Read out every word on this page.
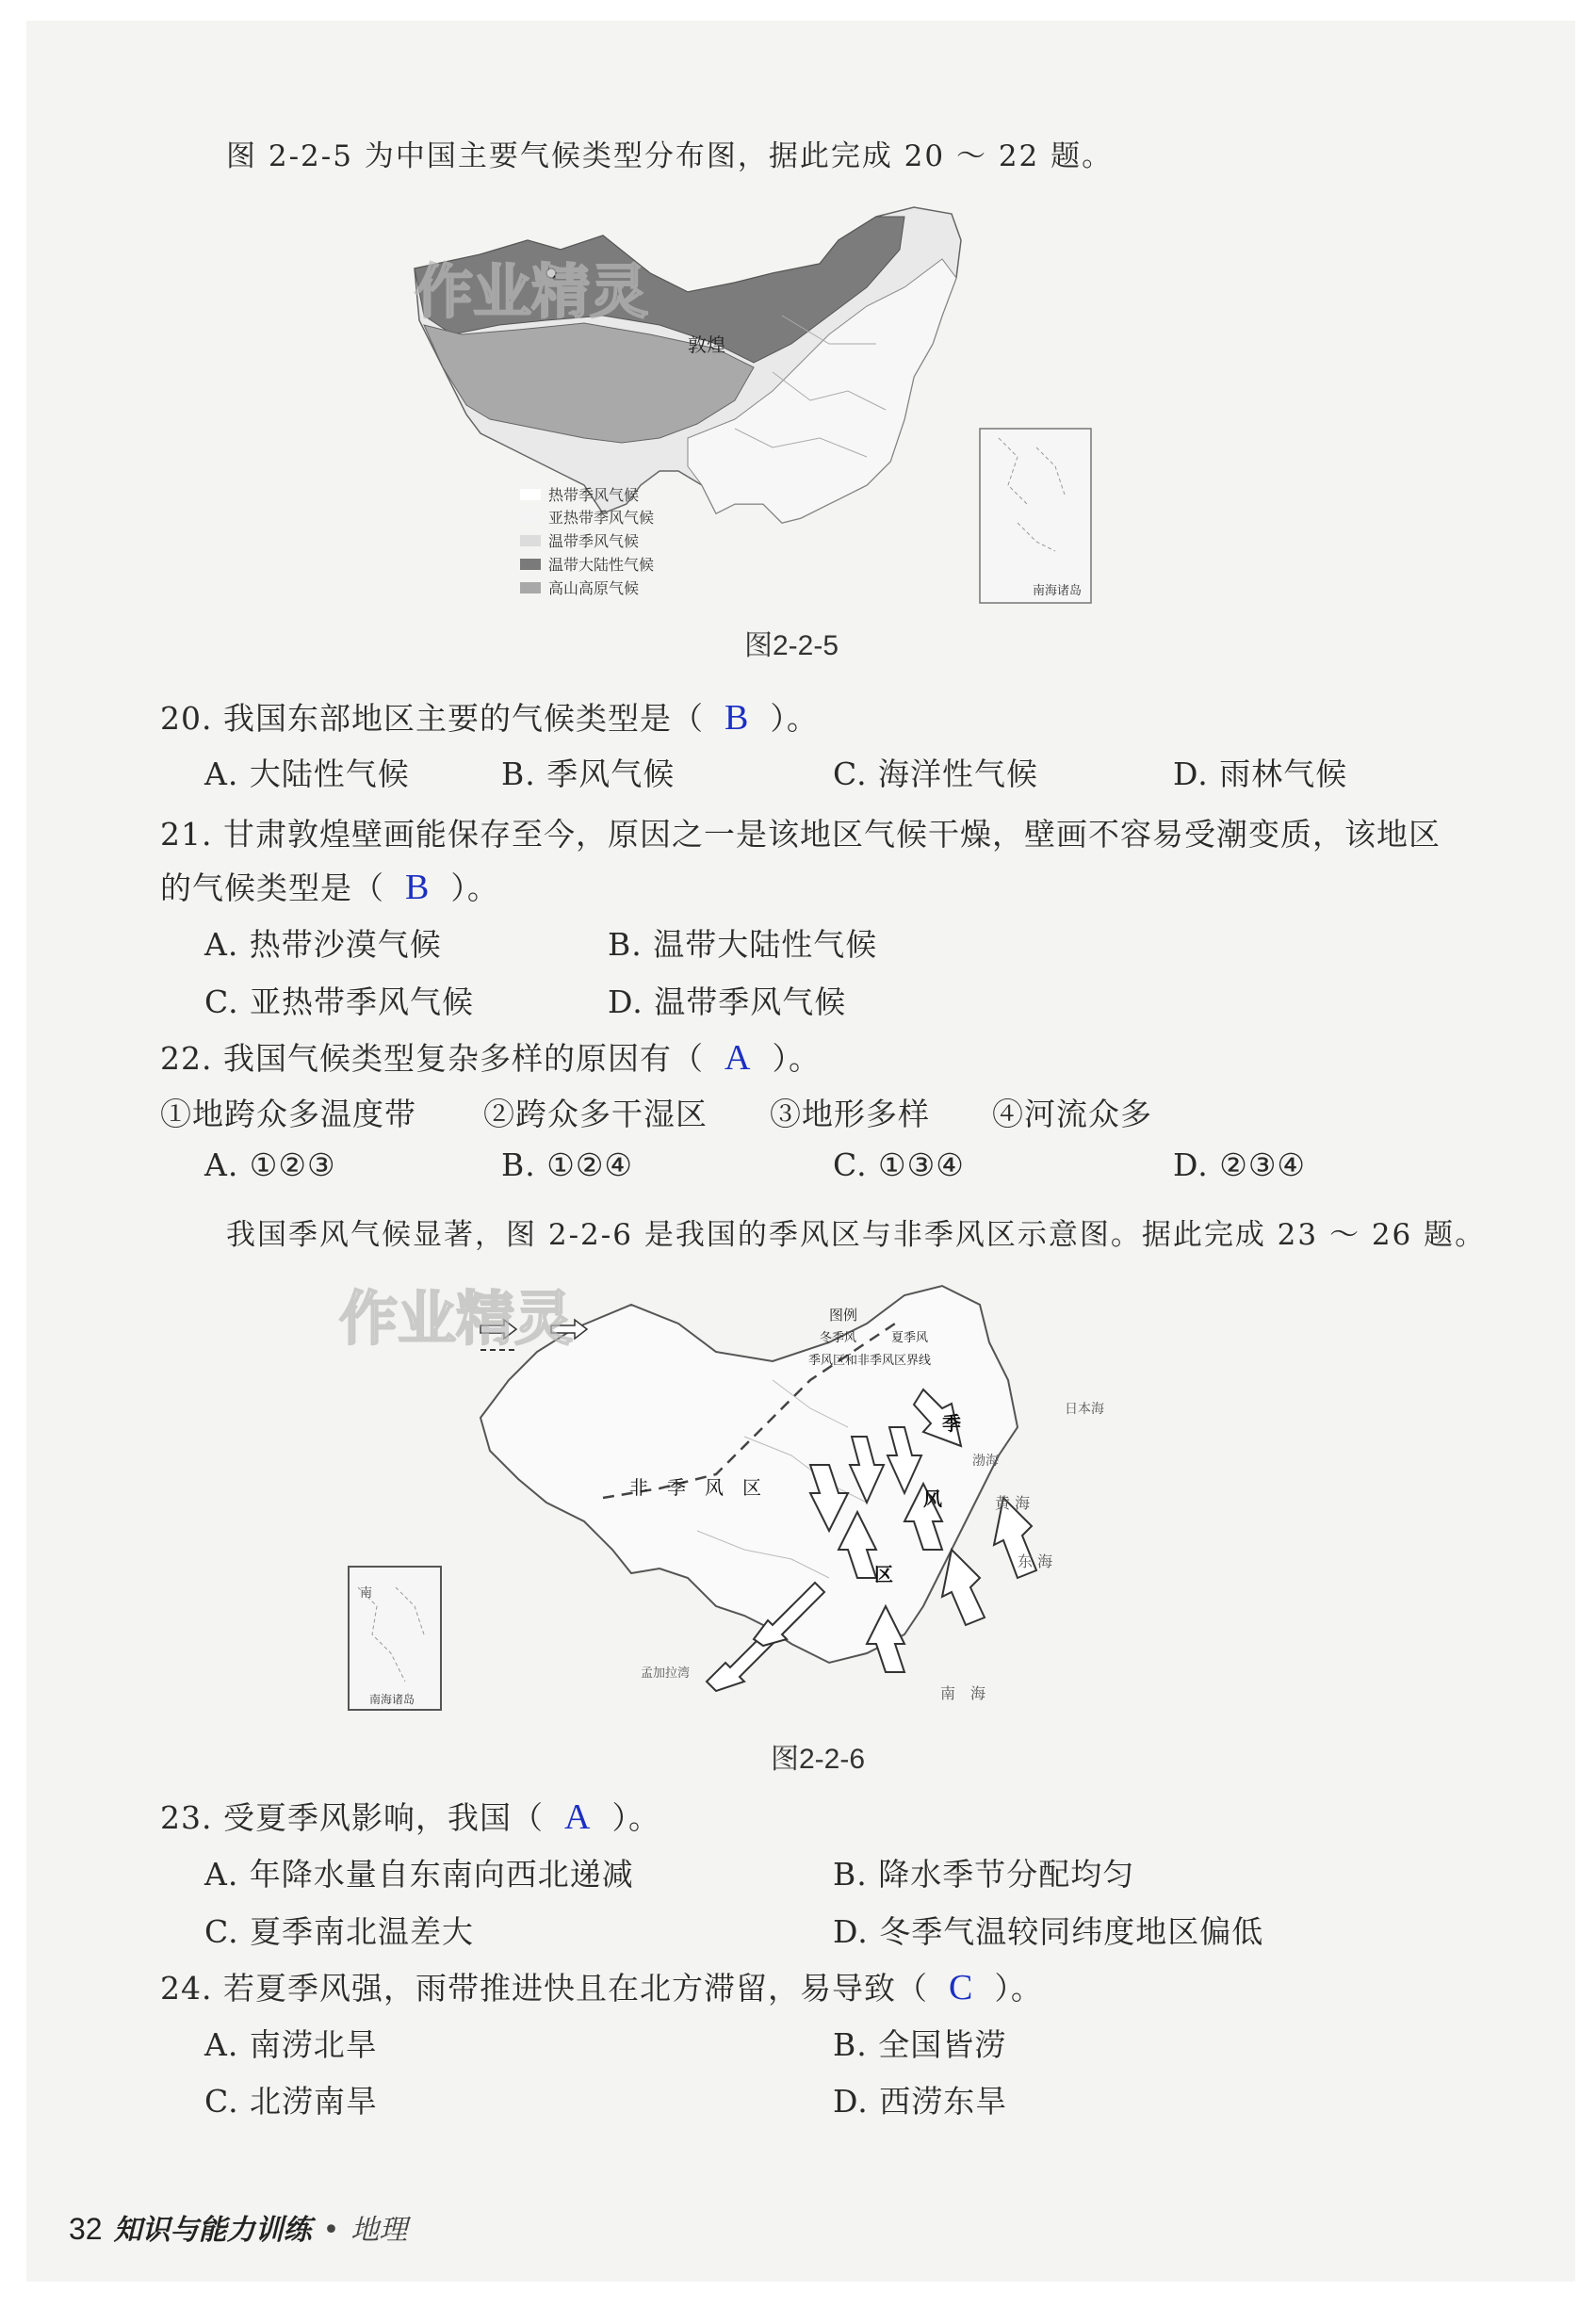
图 2-2-5 为中国主要气候类型分布图，据此完成 20 ～ 22 题。
作业精灵
敦煌
南海诸岛
热带季风气候
亚热带季风气候
温带季风气候
温带大陆性气候
高山高原气候
图2-2-5
20. 我国东部地区主要的气候类型是（ B ）。
A. 大陆性气候	B. 季风气候	C. 海洋性气候	D. 雨林气候
21. 甘肃敦煌壁画能保存至今，原因之一是该地区气候干燥，壁画不容易受潮变质，该地区
的气候类型是（ B ）。
A. 热带沙漠气候	B. 温带大陆性气候
C. 亚热带季风气候	D. 温带季风气候
22. 我国气候类型复杂多样的原因有（ A ）。
①地跨众多温度带 ②跨众多干湿区 ③地形多样 ④河流众多
A. ①②③	B. ①②④	C. ①③④	D. ②③④
我国季风气候显著，图 2-2-6 是我国的季风区与非季风区示意图。据此完成 23 ～ 26 题。
作业精灵	图例
冬季风	夏季风
季风区和非季风区界线
非　季　风　区
季
风
区
日本海
渤海
黄 海
东 海
南　海
孟加拉湾
南
南海诸岛
图2-2-6
23. 受夏季风影响，我国（ A ）。
A. 年降水量自东南向西北递减	B. 降水季节分配均匀
C. 夏季南北温差大	D. 冬季气温较同纬度地区偏低
24. 若夏季风强，雨带推进快且在北方滞留，易导致（ C ）。
A. 南涝北旱	B. 全国皆涝
C. 北涝南旱	D. 西涝东旱
32 知识与能力训练 • 地理
